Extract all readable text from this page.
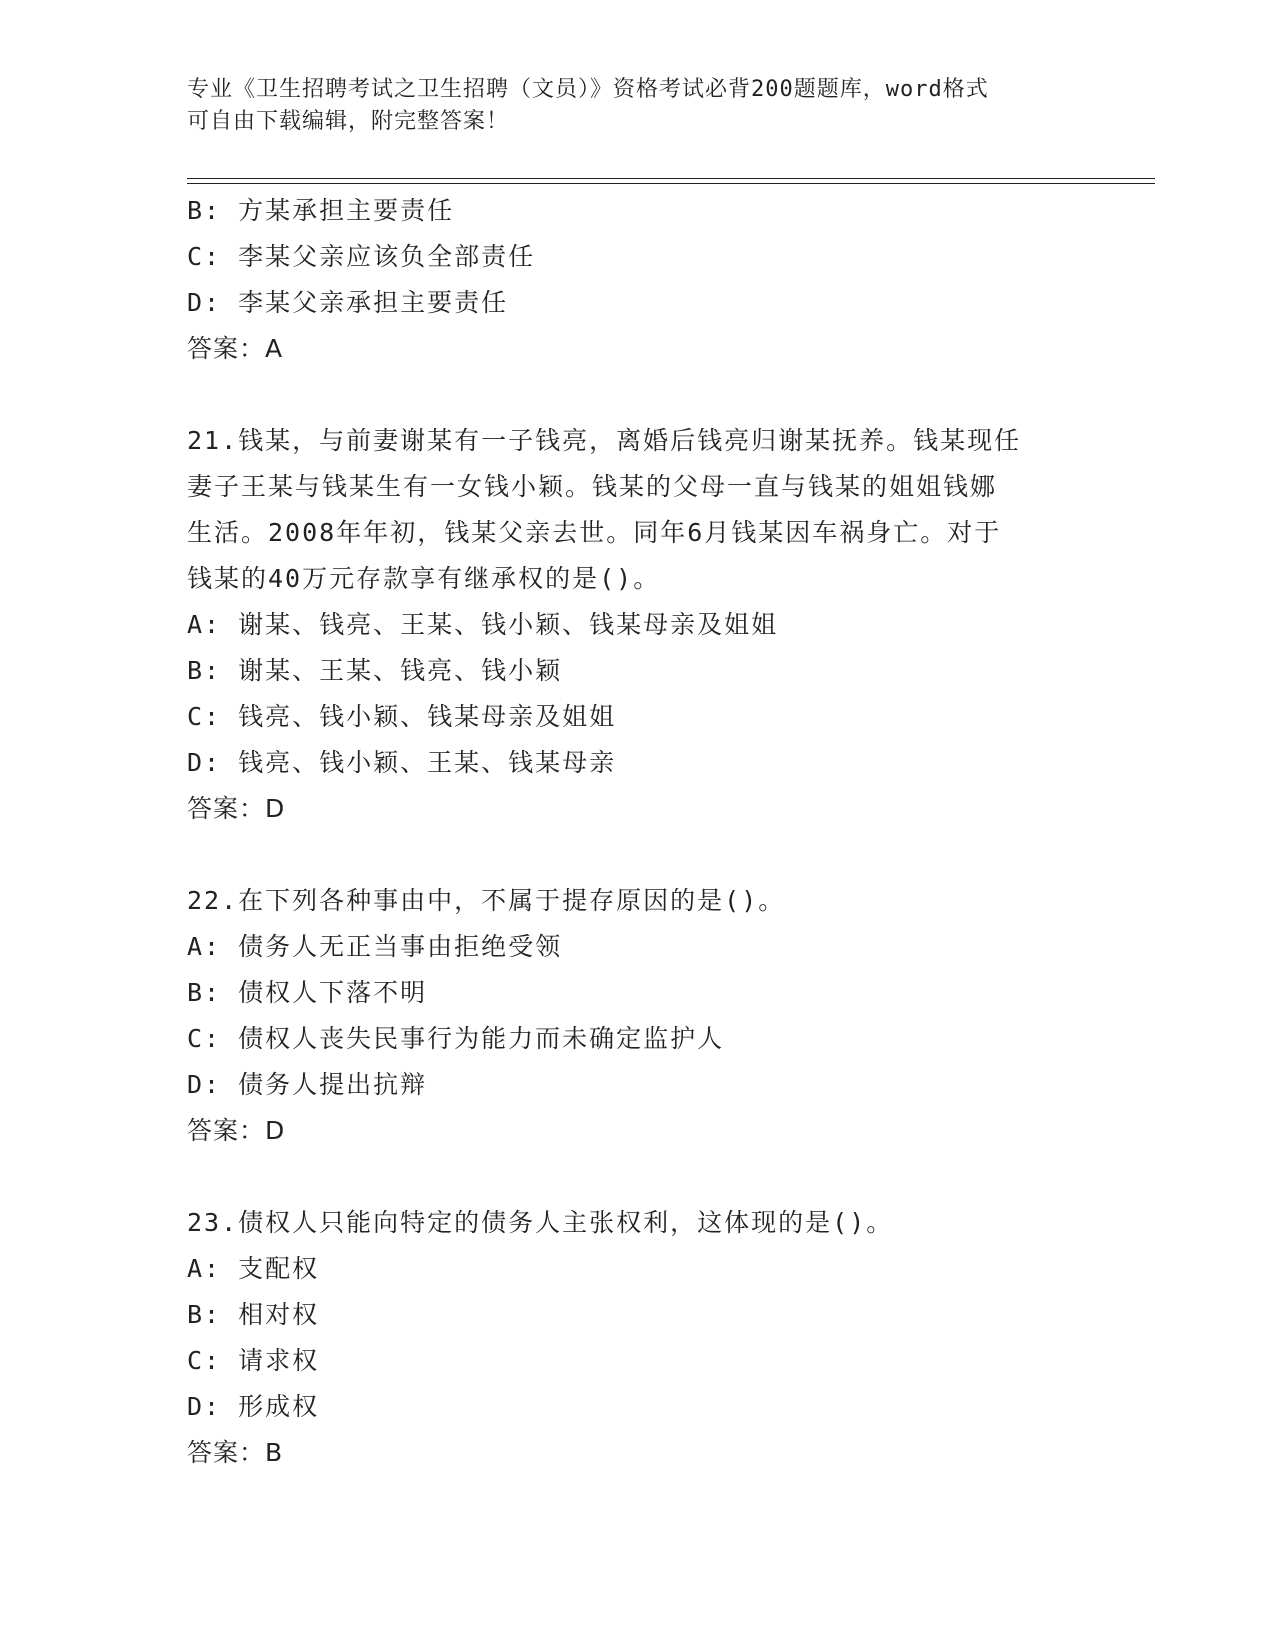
专业《卫生招聘考试之卫生招聘（文员）》资格考试必背200题题库，word格式
可自由下载编辑，附完整答案！
B: 方某承担主要责任
C: 李某父亲应该负全部责任
D: 李某父亲承担主要责任
答案：A
21.钱某，与前妻谢某有一子钱亮，离婚后钱亮归谢某抚养。钱某现任
妻子王某与钱某生有一女钱小颖。钱某的父母一直与钱某的姐姐钱娜
生活。2008年年初，钱某父亲去世。同年6月钱某因车祸身亡。对于
钱某的40万元存款享有继承权的是()。
A: 谢某、钱亮、王某、钱小颖、钱某母亲及姐姐
B: 谢某、王某、钱亮、钱小颖
C: 钱亮、钱小颖、钱某母亲及姐姐
D: 钱亮、钱小颖、王某、钱某母亲
答案：D
22.在下列各种事由中，不属于提存原因的是()。
A: 债务人无正当事由拒绝受领
B: 债权人下落不明
C: 债权人丧失民事行为能力而未确定监护人
D: 债务人提出抗辩
答案：D
23.债权人只能向特定的债务人主张权利，这体现的是()。
A: 支配权
B: 相对权
C: 请求权
D: 形成权
答案：B
